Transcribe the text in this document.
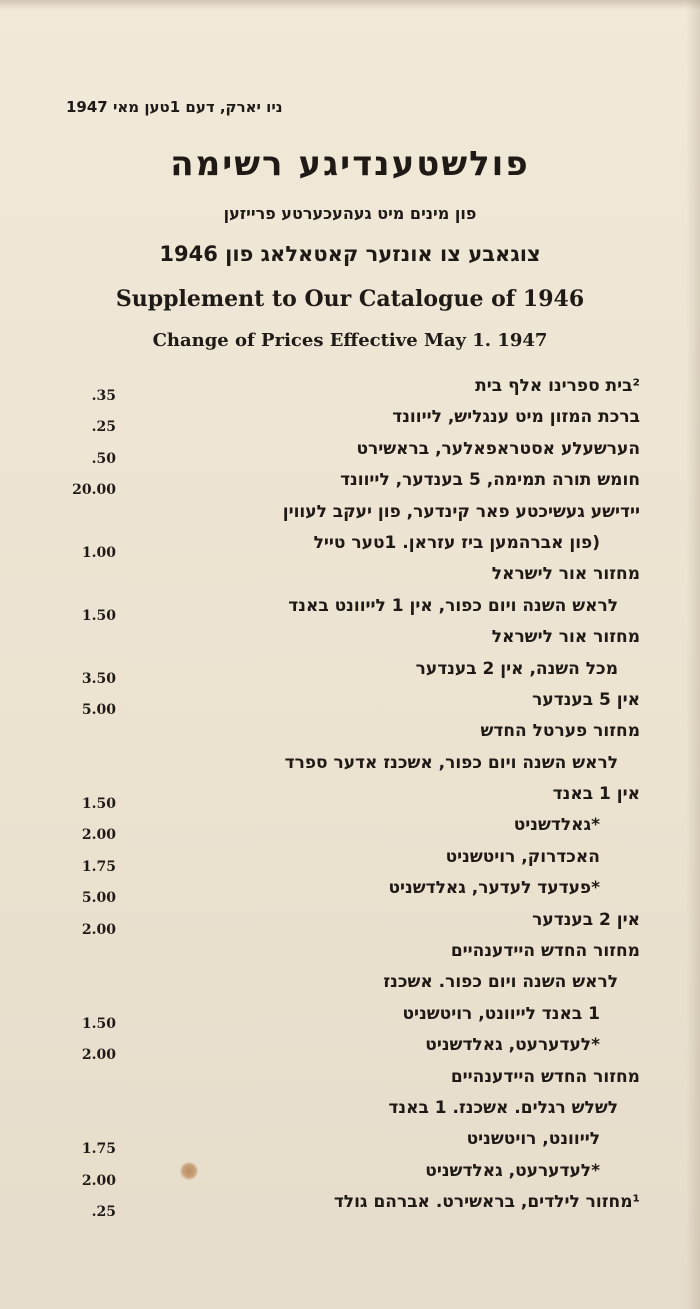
ניו יארק, דעם 1טען מאי 1947
פולשטענדיגע רשימה
פון מינים מיט געהעכערטע פרייזען
צוגאבע צו אונזער קאטאלאג פון 1946
Supplement to Our Catalogue of 1946
Change of Prices Effective May 1. 1947
.35	²בית ספרינו אלף בית
.25	ברכת המזון מיט ענגליש, לייוונד
.50	הערשעלע אסטראפאלער, בראשירט
20.00	חומש תורה תמימה, 5 בענדער, לייוונד
יידישע געשיכטע פאר קינדער, פון יעקב לעווין
1.00	(פון אברהמען ביז עזראן. 1טער טייל
מחזור אור לישראל
1.50	לראש השנה ויום כפור, אין 1 לייוונט באנד
מחזור אור לישראל
3.50	מכל השנה, אין 2 בענדער
5.00	אין 5 בענדער
מחזור פערטל החדש
לראש השנה ויום כפור, אשכנז אדער ספרד
1.50	אין 1 באנד
2.00	*גאלדשניט
1.75	האכדרוק, רויטשניט
5.00	*פעדעד לעדער, גאלדשניט
2.00	אין 2 בענדער
מחזור החדש היידענהיים
לראש השנה ויום כפור. אשכנז
1.50	1 באנד לייוונט, רויטשניט
2.00	*לעדערעט, גאלדשניט
מחזור החדש היידענהיים
לשלש רגלים. אשכנז. 1 באנד
1.75	לייוונט, רויטשניט
2.00	*לעדערעט, גאלדשניט
.25	¹מחזור לילדים, בראשירט. אברהם גולד
